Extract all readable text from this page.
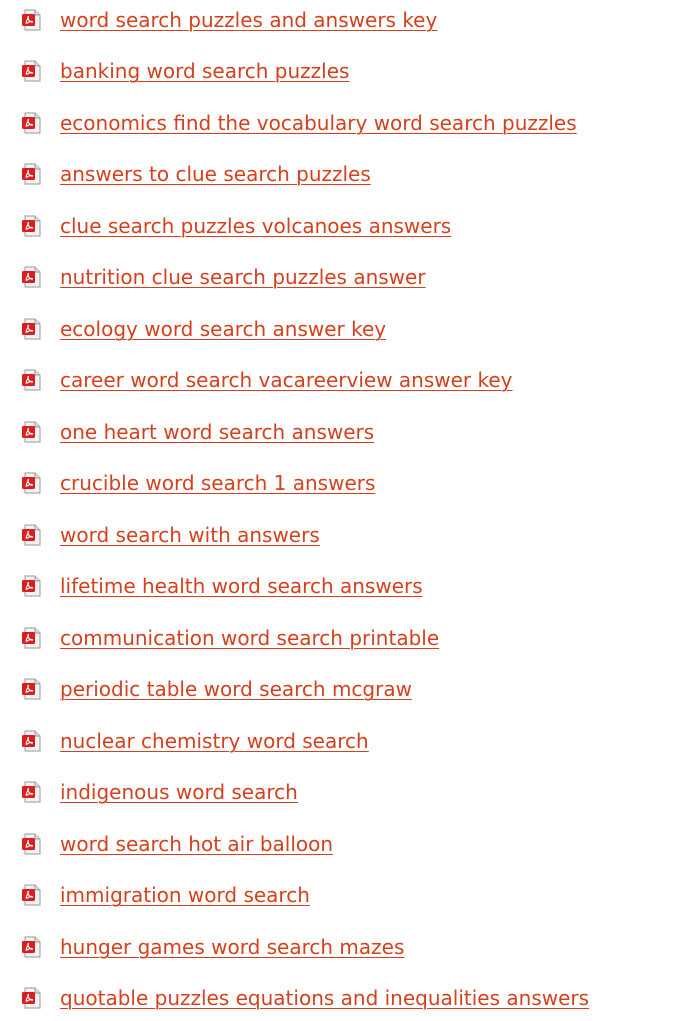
word search puzzles and answers key
banking word search puzzles
economics find the vocabulary word search puzzles
answers to clue search puzzles
clue search puzzles volcanoes answers
nutrition clue search puzzles answer
ecology word search answer key
career word search vacareerview answer key
one heart word search answers
crucible word search 1 answers
word search with answers
lifetime health word search answers
communication word search printable
periodic table word search mcgraw
nuclear chemistry word search
indigenous word search
word search hot air balloon
immigration word search
hunger games word search mazes
quotable puzzles equations and inequalities answers
